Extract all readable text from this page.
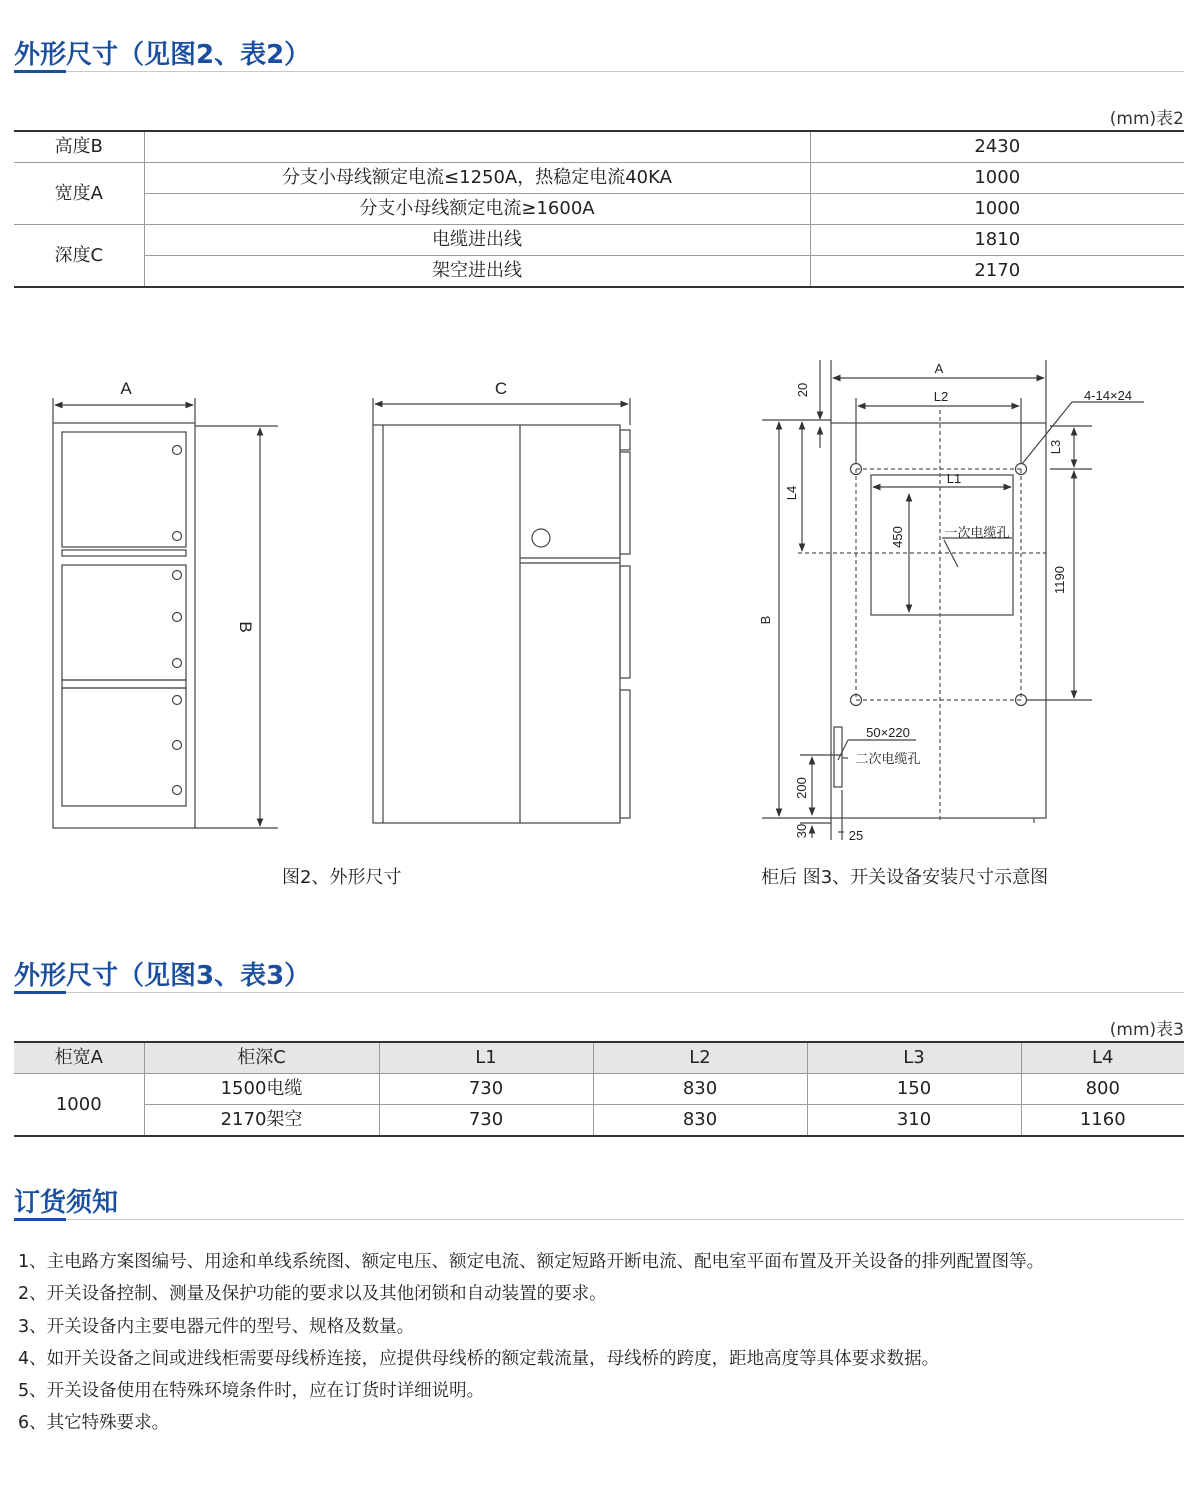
外形尺寸（见图2、表2）
(mm)表2
高度B		2430
宽度A	分支小母线额定电流≤1250A，热稳定电流40KA	1000
	分支小母线额定电流≥1600A	1000
深度C	电缆进出线	1810
	架空进出线	2170
A
B
C
A
L2
L1
4-14×24
一次电缆孔
L3
1190
450
L4
20
B
200
30	25
50×220
二次电缆孔
图2、外形尺寸	柜后 图3、开关设备安装尺寸示意图
外形尺寸（见图3、表3）
(mm)表3
柜宽A	柜深C	L1	L2	L3	L4
1000	1500电缆	730	830	150	800
	2170架空	730	830	310	1160
订货须知
1、主电路方案图编号、用途和单线系统图、额定电压、额定电流、额定短路开断电流、配电室平面布置及开关设备的排列配置图等。
2、开关设备控制、测量及保护功能的要求以及其他闭锁和自动装置的要求。
3、开关设备内主要电器元件的型号、规格及数量。
4、如开关设备之间或进线柜需要母线桥连接，应提供母线桥的额定载流量，母线桥的跨度，距地高度等具体要求数据。
5、开关设备使用在特殊环境条件时，应在订货时详细说明。
6、其它特殊要求。
